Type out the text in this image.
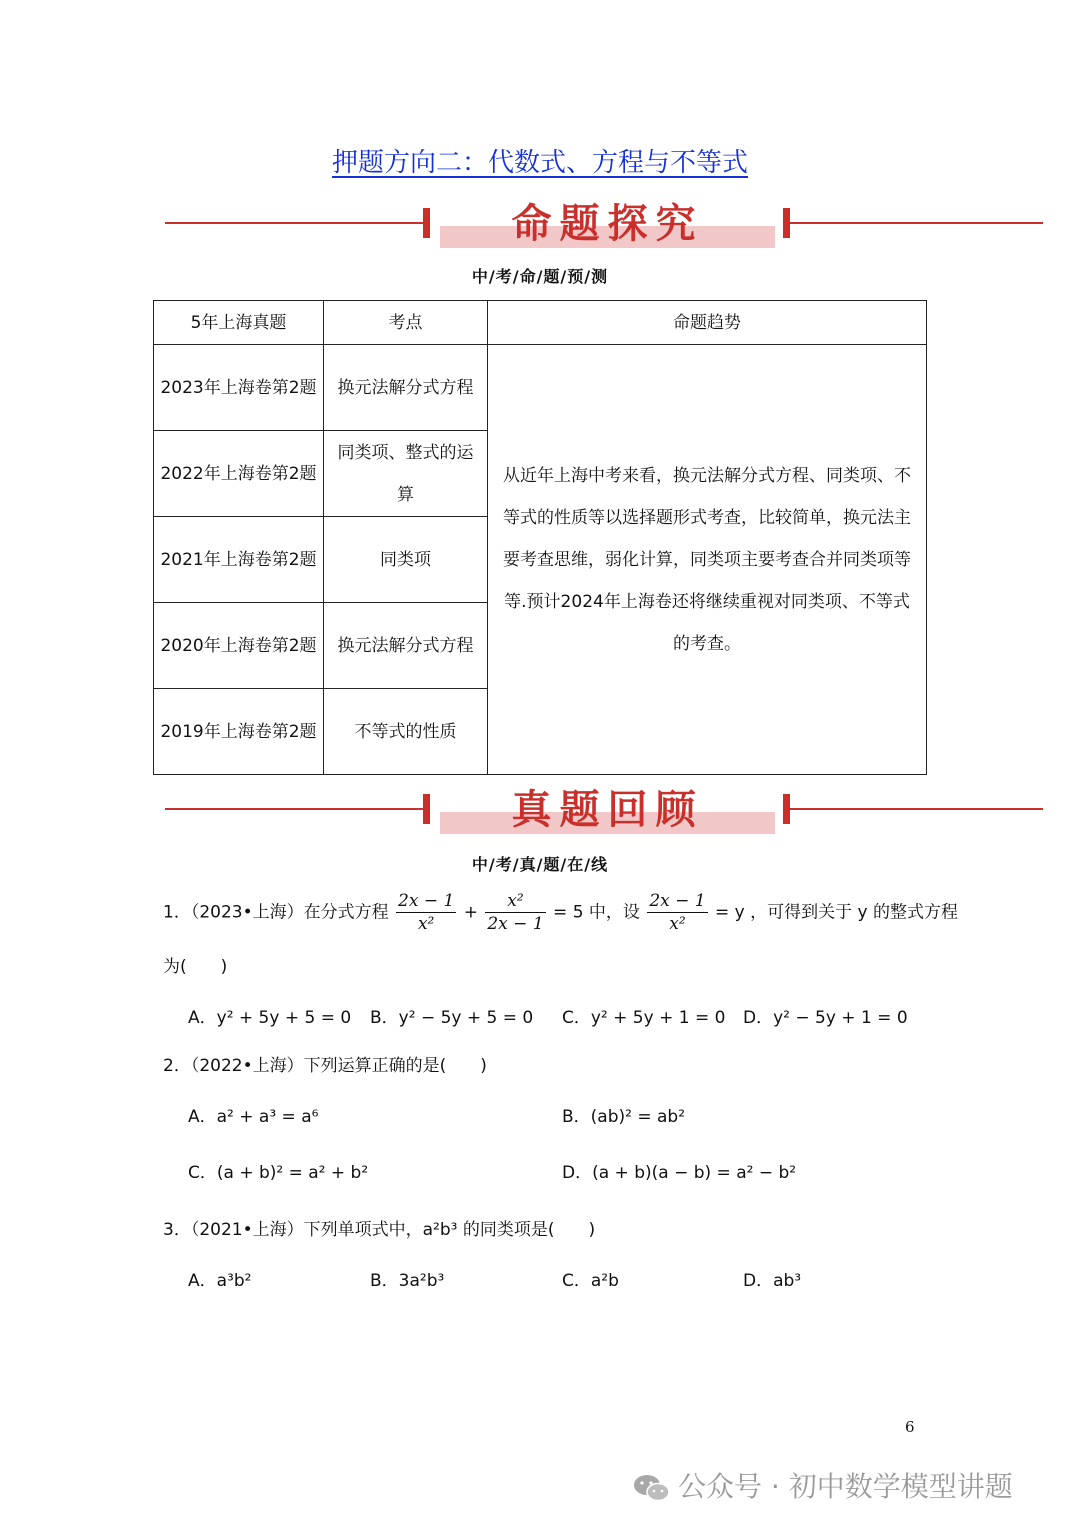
押题方向二：代数式、方程与不等式
命题探究
中/考/命/题/预/测
5年上海真题	考点	命题趋势
2023年上海卷第2题	换元法解分式方程	从近年上海中考来看，换元法解分式方程、同类项、不等式的性质等以选择题形式考查，比较简单，换元法主要考查思维，弱化计算，同类项主要考查合并同类项等等.预计2024年上海卷还将继续重视对同类项、不等式的考查。
2022年上海卷第2题	同类项、整式的运算	
2021年上海卷第2题	同类项	
2020年上海卷第2题	换元法解分式方程	
2019年上海卷第2题	不等式的性质	
真题回顾
中/考/真/题/在/线
1．（2023•上海）在分式方程 $\frac{2x - 1}{\text{x²}} + \frac{\text{x²}}{2x - 1} = 5$ 中，设 $\frac{2x - 1}{\text{x²}} = y$ ，可得到关于 y 的整式方程
为(　　)
A．y² + 5y + 5 = 0 B．y² − 5y + 5 = 0 C．y² + 5y + 1 = 0 D．y² − 5y + 1 = 0
2．（2022•上海）下列运算正确的是(　　)
A．a² + a³ = a⁶	B．(ab)² = ab²
C．(a + b)² = a² + b²	D．(a + b)(a − b) = a² − b²
3．（2021•上海）下列单项式中，a²b³ 的同类项是(　　)
A．a³b²	B．3a²b³	C．a²b	D．ab³
6
公众号 · 初中数学模型讲题
